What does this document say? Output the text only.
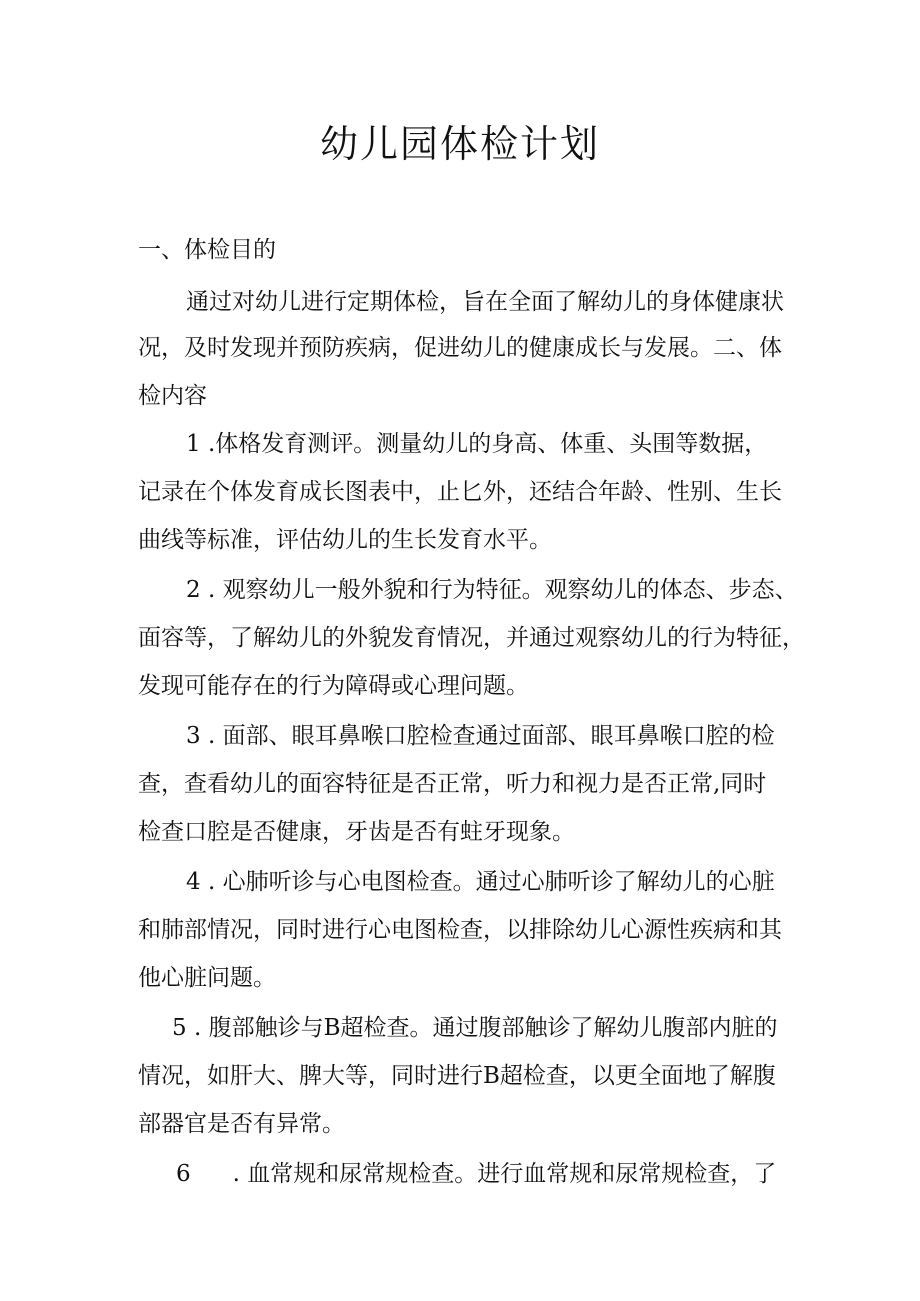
幼儿园体检计划
一、体检目的
通过对幼儿进行定期体检，旨在全面了解幼儿的身体健康状
况，及时发现并预防疾病，促进幼儿的健康成长与发展。二、体
检内容
1 .体格发育测评。测量幼儿的身高、体重、头围等数据，
记录在个体发育成长图表中，止匕外，还结合年龄、性别、生长
曲线等标准，评估幼儿的生长发育水平。
2 . 观察幼儿一般外貌和行为特征。观察幼儿的体态、步态、
面容等，了解幼儿的外貌发育情况，并通过观察幼儿的行为特征，
发现可能存在的行为障碍或心理问题。
3 . 面部、眼耳鼻喉口腔检查通过面部、眼耳鼻喉口腔的检
查，查看幼儿的面容特征是否正常，听力和视力是否正常,同时
检查口腔是否健康，牙齿是否有蛀牙现象。
4 . 心肺听诊与心电图检查。通过心肺听诊了解幼儿的心脏
和肺部情况，同时进行心电图检查，以排除幼儿心源性疾病和其
他心脏问题。
5 . 腹部触诊与B超检查。通过腹部触诊了解幼儿腹部内脏的
情况，如肝大、脾大等，同时进行B超检查，以更全面地了解腹
部器官是否有异常。
6 . 血常规和尿常规检查。进行血常规和尿常规检查，了
